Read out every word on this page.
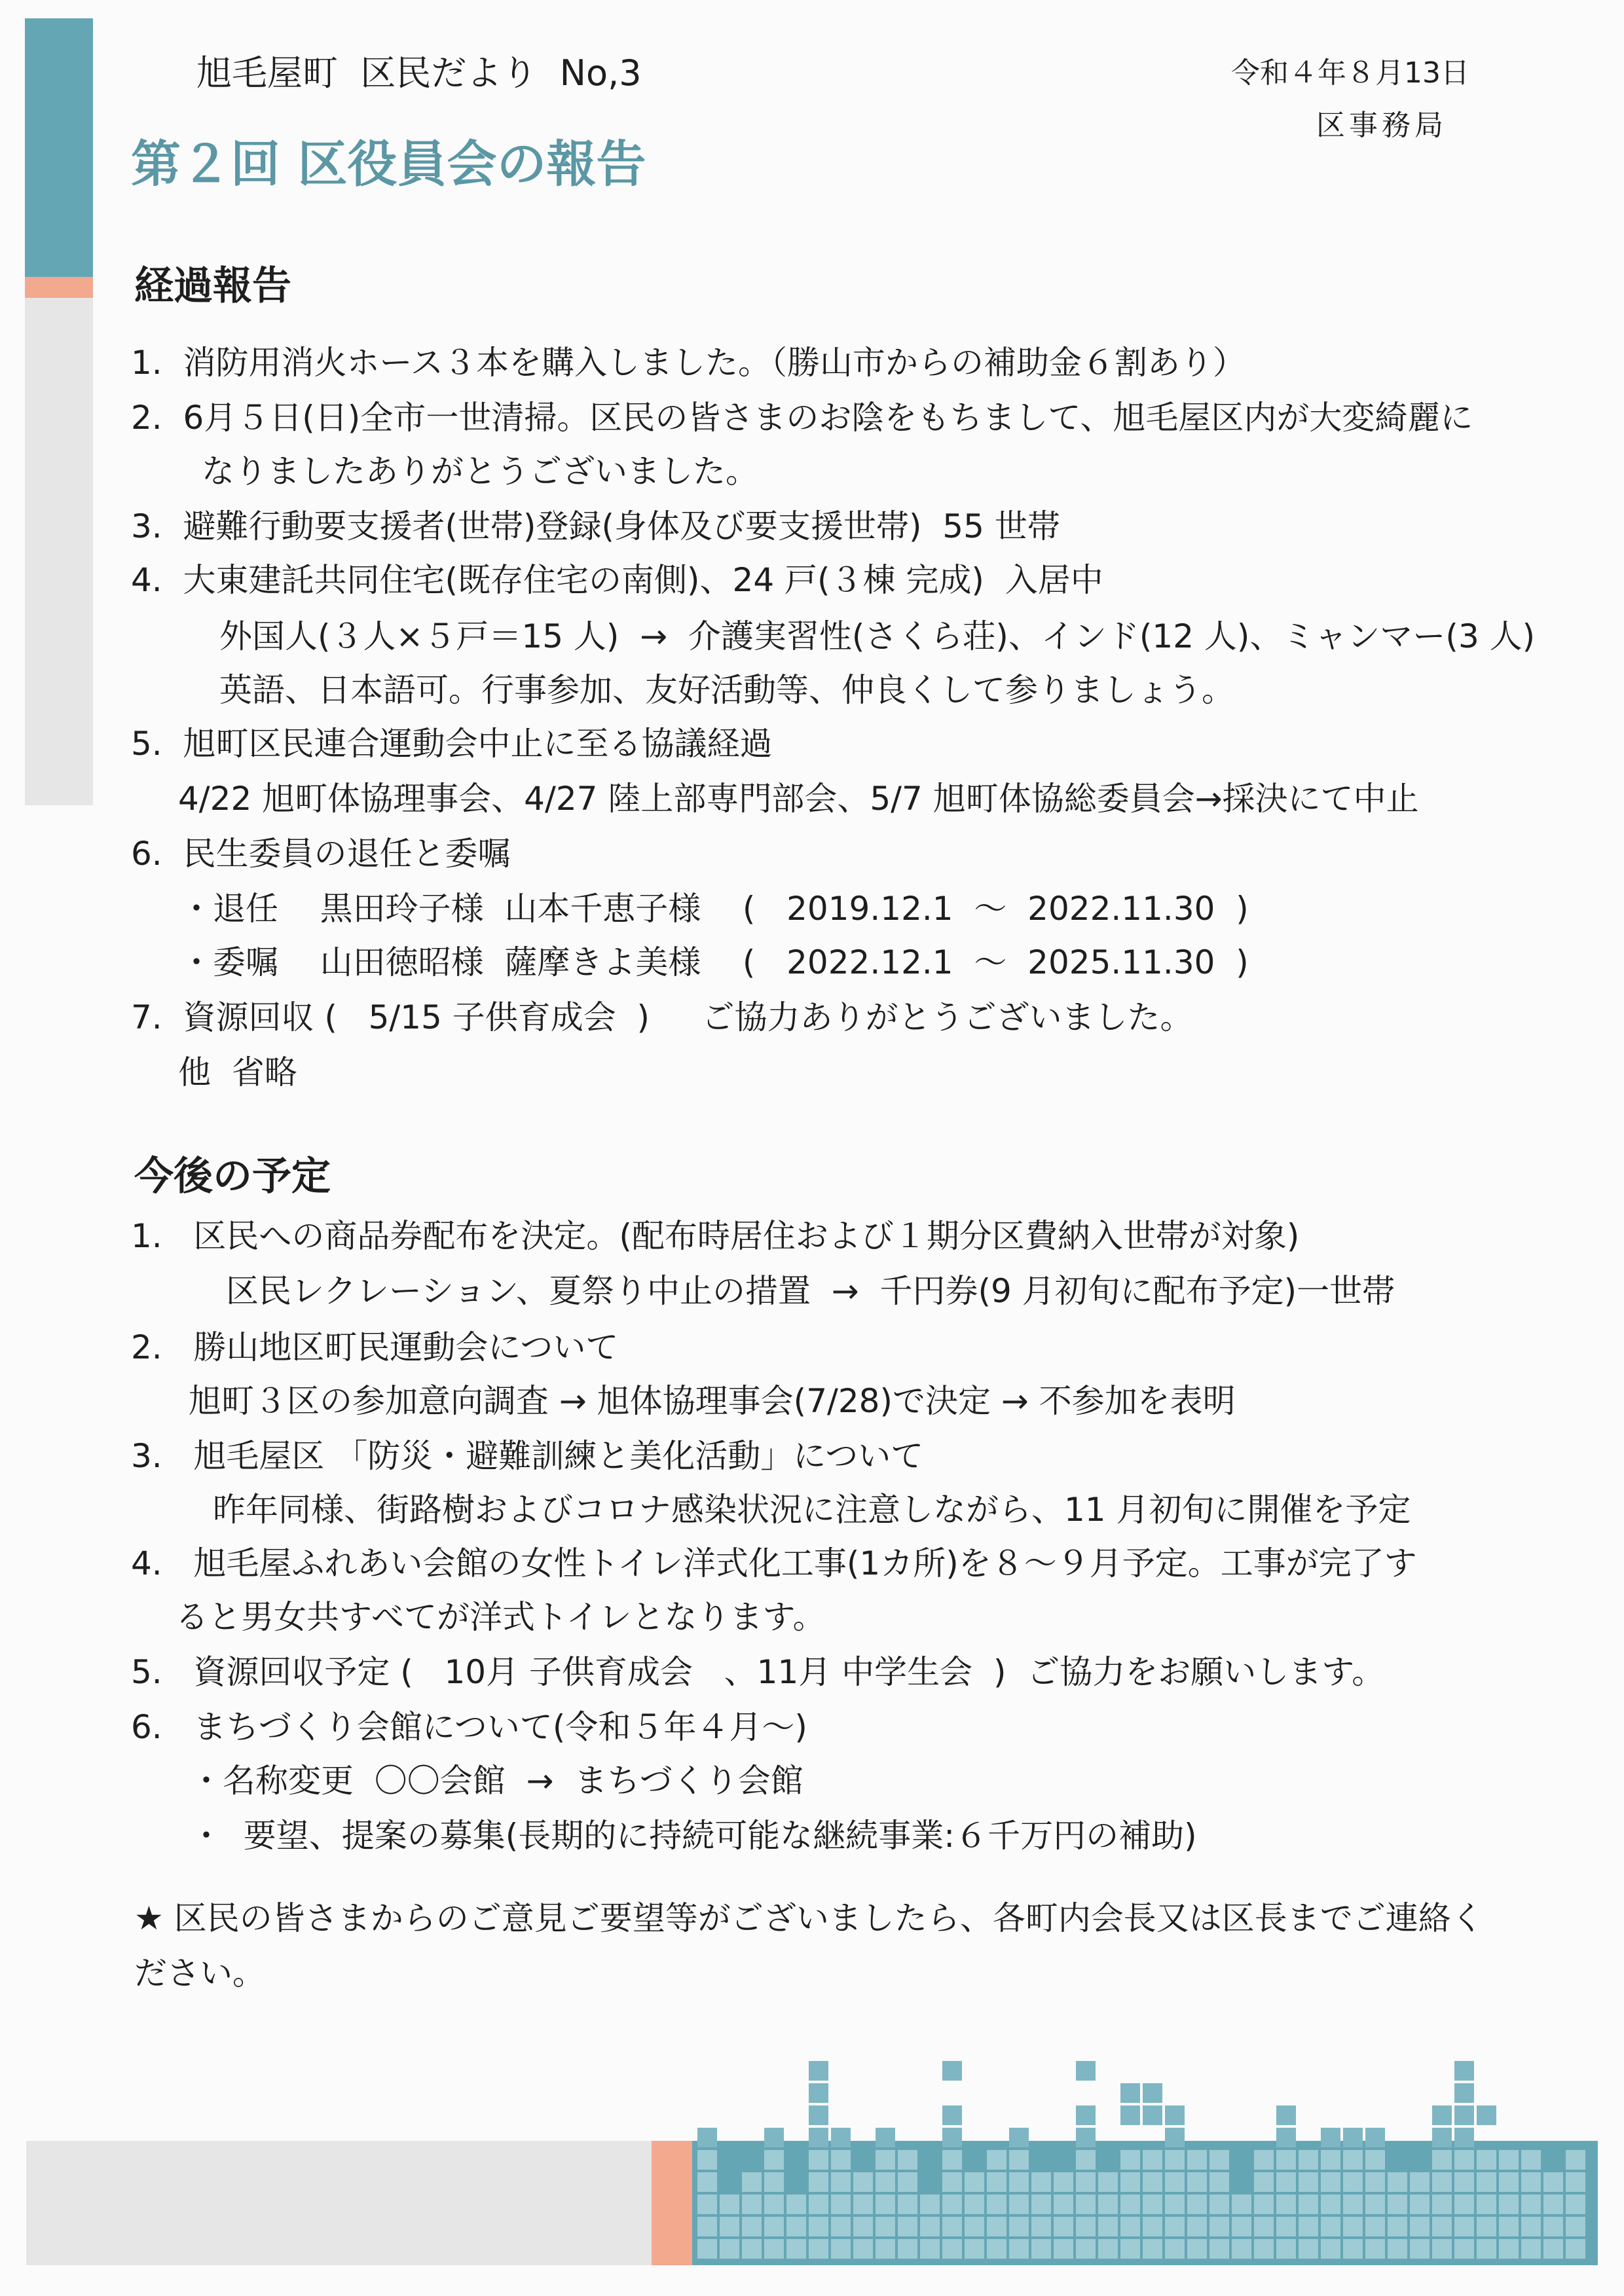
旭毛屋町  区民だより  No,3	令和４年８月13日
区事務局
第２回 区役員会の報告
経過報告
1.  消防用消火ホース３本を購入しました。（勝山市からの補助金６割あり）
2.  6月５日(日)全市一世清掃。区民の皆さまのお陰をもちまして、旭毛屋区内が大変綺麗に
なりましたありがとうございました。
3.  避難行動要支援者(世帯)登録(身体及び要支援世帯)  55 世帯
4.  大東建託共同住宅(既存住宅の南側)、24 戸(３棟 完成)  入居中
外国人(３人×５戸＝15 人)  →  介護実習性(さくら荘)、インド(12 人)、ミャンマー(3 人)
英語、日本語可。行事参加、友好活動等、仲良くして参りましょう。
5.  旭町区民連合運動会中止に至る協議経過
4/22 旭町体協理事会、4/27 陸上部専門部会、5/7 旭町体協総委員会→採決にて中止
6.  民生委員の退任と委嘱
・退任    黒田玲子様  山本千恵子様    (   2019.12.1  ～  2022.11.30  )
・委嘱    山田徳昭様  薩摩きよ美様    (   2022.12.1  ～  2025.11.30  )
7.  資源回収 (   5/15 子供育成会  )     ご協力ありがとうございました。
他  省略
今後の予定
1.   区民への商品券配布を決定。(配布時居住および１期分区費納入世帯が対象)
区民レクレーション、夏祭り中止の措置  →  千円券(9 月初旬に配布予定)一世帯
2.   勝山地区町民運動会について
旭町３区の参加意向調査 → 旭体協理事会(7/28)で決定 → 不参加を表明
3.   旭毛屋区 「防災・避難訓練と美化活動」について
昨年同様、街路樹およびコロナ感染状況に注意しながら、11 月初旬に開催を予定
4.   旭毛屋ふれあい会館の女性トイレ洋式化工事(1カ所)を８～９月予定。工事が完了す
ると男女共すべてが洋式トイレとなります。
5.   資源回収予定 (   10月 子供育成会   、11月 中学生会  )  ご協力をお願いします。
6.   まちづくり会館について(令和５年４月～)
・名称変更  〇〇会館  →  まちづくり会館
・  要望、提案の募集(長期的に持続可能な継続事業:６千万円の補助)
★ 区民の皆さまからのご意見ご要望等がございましたら、各町内会長又は区長までご連絡く
ださい。
